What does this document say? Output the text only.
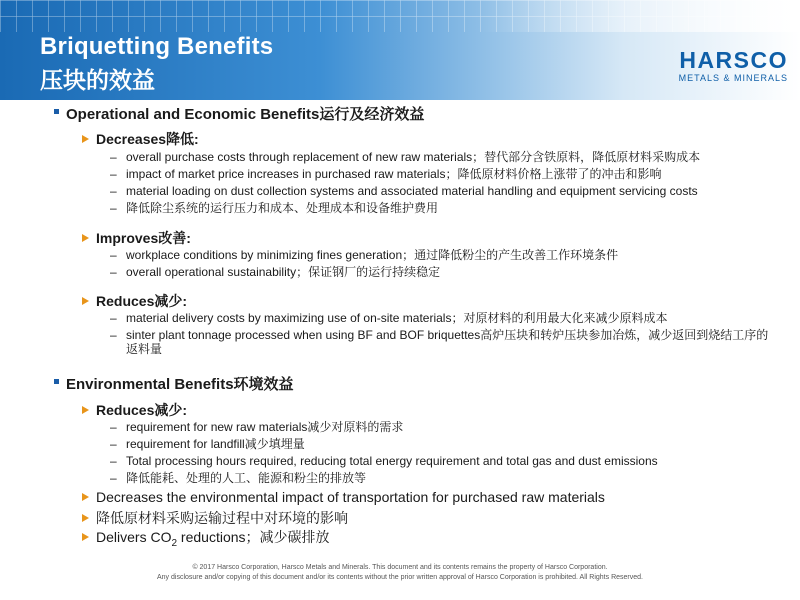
Briquetting Benefits
压块的效益
HARSCO
METALS & MINERALS
Operational and Economic Benefits运行及经济效益
Decreases降低:
– overall purchase costs through replacement of new raw materials；替代部分含铁原料，降低原材料采购成本
– impact of market price increases in purchased raw materials；降低原材料价格上涨带了的冲击和影响
– material loading on dust collection systems and associated material handling and equipment servicing costs
– 降低除尘系统的运行压力和成本、处理成本和设备维护费用
Improves改善:
– workplace conditions by minimizing fines generation；通过降低粉尘的产生改善工作环境条件
– overall operational sustainability；保证钢厂的运行持续稳定
Reduces减少:
– material delivery costs by maximizing use of on-site materials；对原材料的利用最大化来减少原料成本
– sinter plant tonnage processed when using BF and BOF briquettes高炉压块和转炉压块参加冶炼，减少返回到烧结工序的返料量
Environmental Benefits环境效益
Reduces减少:
– requirement for new raw materials减少对原料的需求
– requirement for landfill减少填埋量
– Total processing hours required, reducing total energy requirement and total gas and dust emissions
– 降低能耗、处理的人工、能源和粉尘的排放等
Decreases the environmental impact of transportation for purchased raw materials
降低原材料采购运输过程中对环境的影响
Delivers $CO_2$ reductions；减少碳排放
© 2017 Harsco Corporation, Harsco Metals and Minerals. This document and its contents remains the property of Harsco Corporation.
Any disclosure and/or copying of this document and/or its contents without the prior written approval of Harsco Corporation is prohibited. All Rights Reserved.
